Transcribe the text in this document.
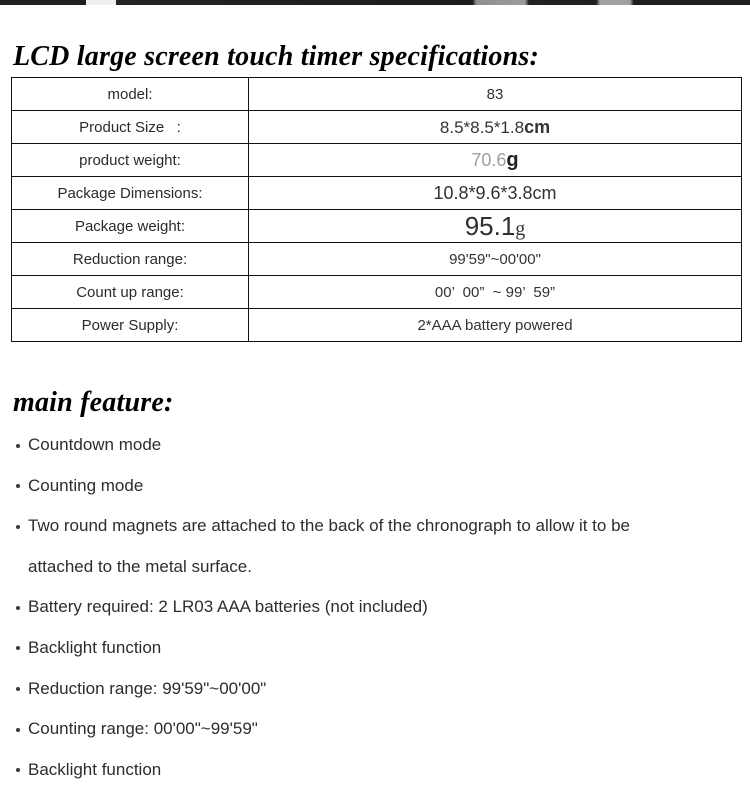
LCD large screen touch timer specifications:
model:	83
Product Size   :	8.5*8.5*1.8cm
product weight:	70.6g
Package Dimensions:	10.8*9.6*3.8cm
Package weight:	95.1g
Reduction range:	99'59"~00'00"
Count up range:	00’  00”  ~ 99’  59”
Power Supply:	2*AAA battery powered
main feature:
Countdown mode
Counting mode
Two round magnets are attached to the back of the chronograph to allow it to be attached to the metal surface.
Battery required: 2 LR03 AAA batteries (not included)
Backlight function
Reduction range: 99'59"~00'00"
Counting range: 00'00"~99'59"
Backlight function
